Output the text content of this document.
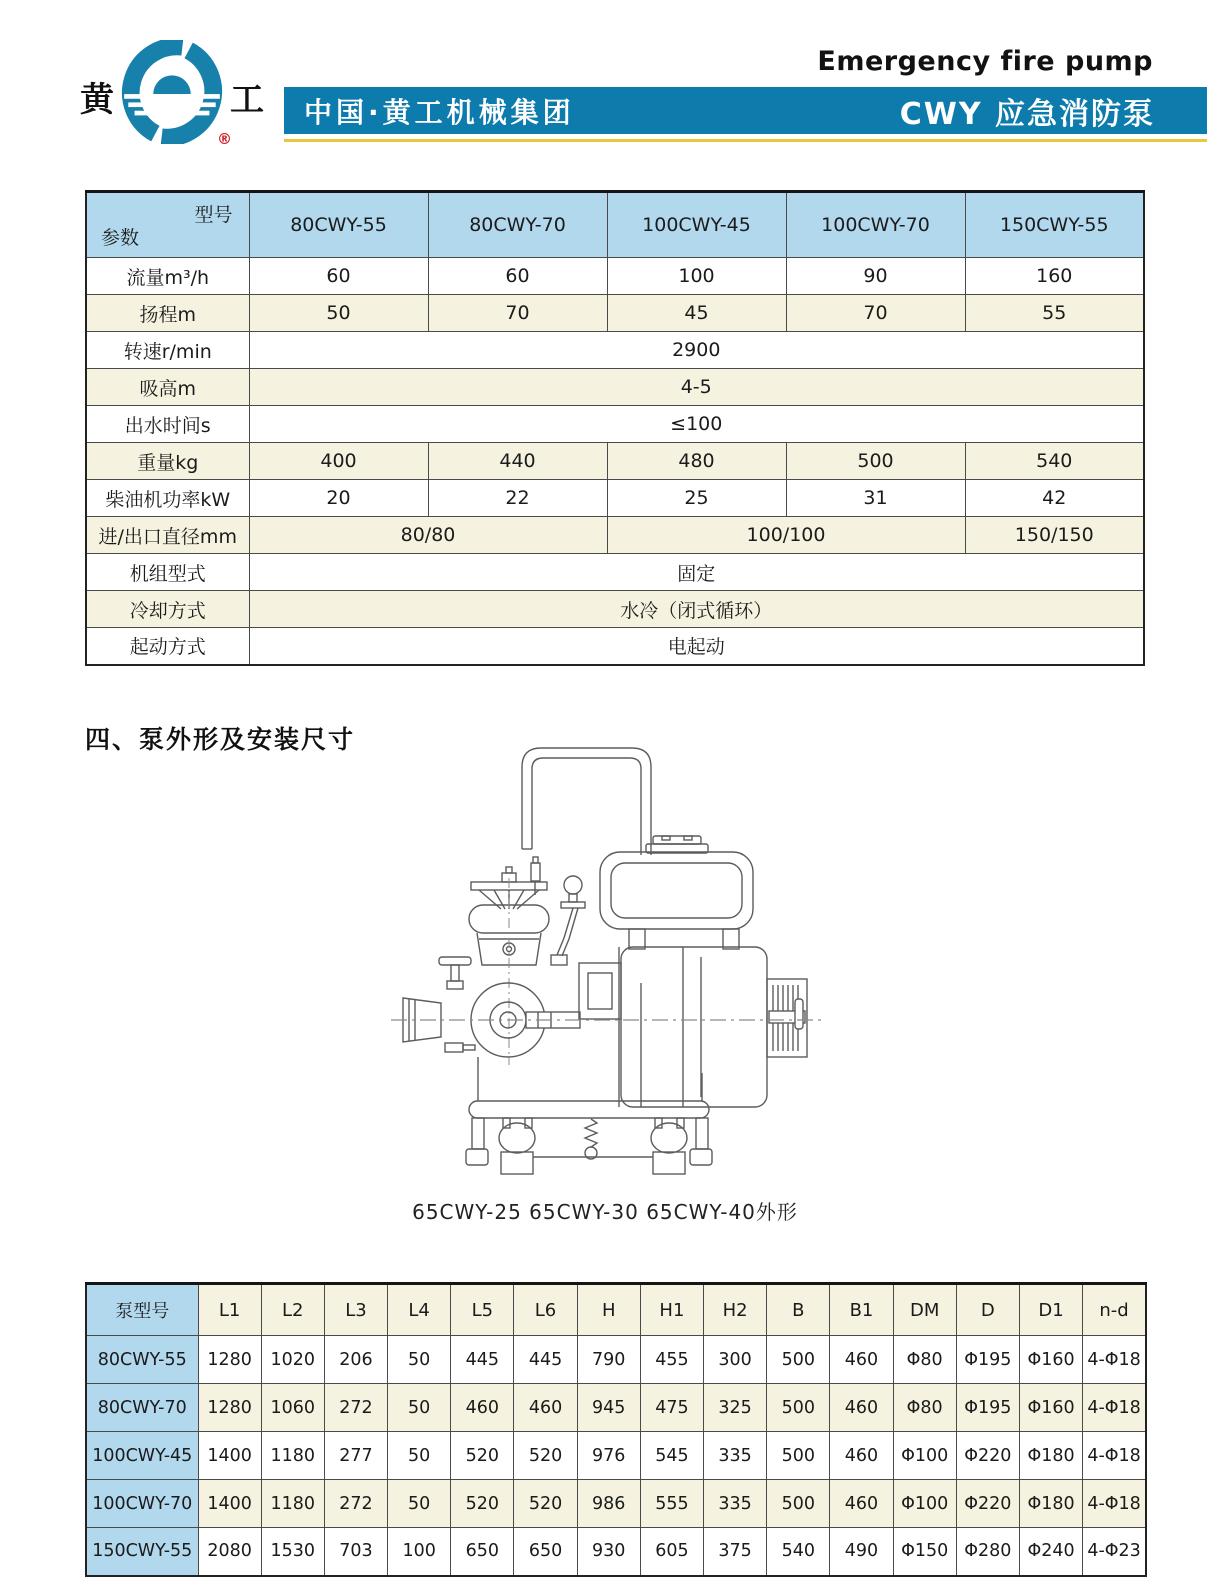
黄
®
工
Emergency fire pump
中国·黄工机械集团	CWY 应急消防泵
型号
参数	80CWY-55	80CWY-70	100CWY-45	100CWY-70	150CWY-55
流量m³/h	60	60	100	90	160
扬程m	50	70	45	70	55
转速r/min	2900				
吸高m	4-5				
出水时间s	≤100				
重量kg	400	440	480	500	540
柴油机功率kW	20	22	25	31	42
进/出口直径mm	80/80		100/100		150/150
机组型式	固定				
冷却方式	水冷（闭式循环）				
起动方式	电起动				
四、泵外形及安装尺寸
65CWY-25 65CWY-30 65CWY-40外形
泵型号	L1	L2	L3	L4	L5	L6	H	H1	H2	B	B1	DM	D	D1	n-d
80CWY-55	1280	1020	206	50	445	445	790	455	300	500	460	Φ80	Φ195	Φ160	4-Φ18
80CWY-70	1280	1060	272	50	460	460	945	475	325	500	460	Φ80	Φ195	Φ160	4-Φ18
100CWY-45	1400	1180	277	50	520	520	976	545	335	500	460	Φ100	Φ220	Φ180	4-Φ18
100CWY-70	1400	1180	272	50	520	520	986	555	335	500	460	Φ100	Φ220	Φ180	4-Φ18
150CWY-55	2080	1530	703	100	650	650	930	605	375	540	490	Φ150	Φ280	Φ240	4-Φ23
